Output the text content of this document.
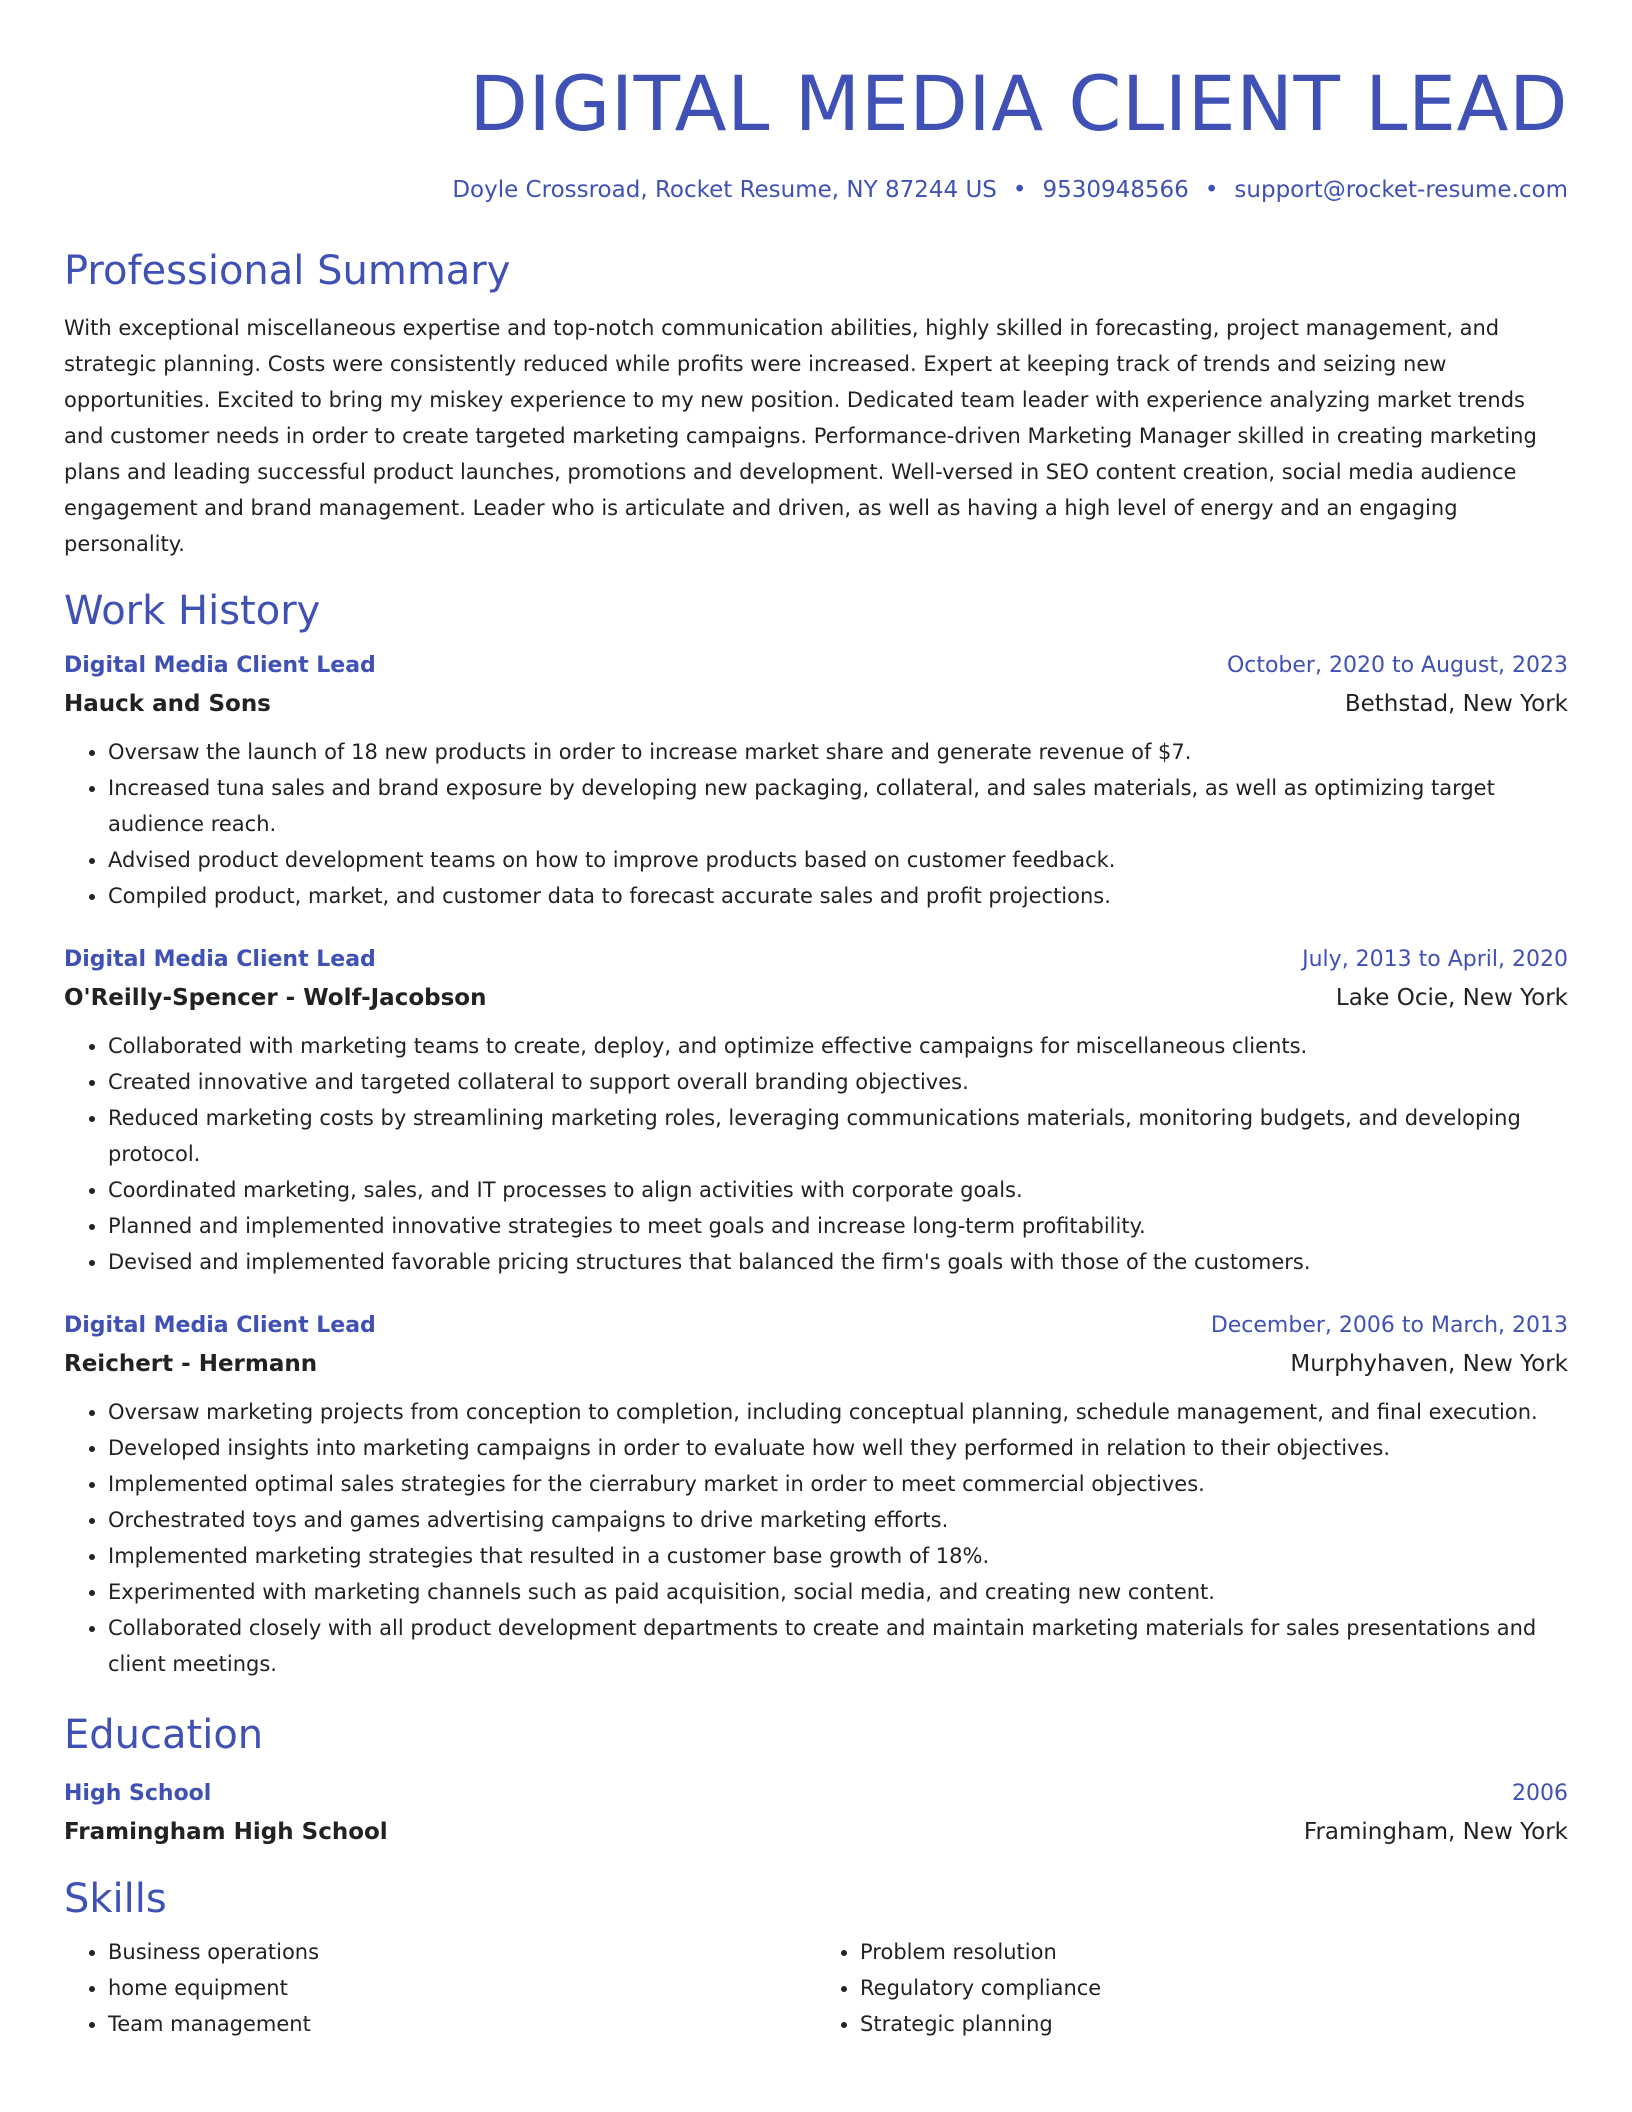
DIGITAL MEDIA CLIENT LEAD
Doyle Crossroad, Rocket Resume, NY 87244 US • 9530948566 • support@rocket-resume.com
Professional Summary
With exceptional miscellaneous expertise and top-notch communication abilities, highly skilled in forecasting, project management, and strategic planning. Costs were consistently reduced while profits were increased. Expert at keeping track of trends and seizing new opportunities. Excited to bring my miskey experience to my new position. Dedicated team leader with experience analyzing market trends and customer needs in order to create targeted marketing campaigns. Performance-driven Marketing Manager skilled in creating marketing plans and leading successful product launches, promotions and development. Well-versed in SEO content creation, social media audience engagement and brand management. Leader who is articulate and driven, as well as having a high level of energy and an engaging personality.
Work History
Digital Media Client Lead	October, 2020 to August, 2023
Hauck and Sons	Bethstad, New York
• Oversaw the launch of 18 new products in order to increase market share and generate revenue of $7.
• Increased tuna sales and brand exposure by developing new packaging, collateral, and sales materials, as well as optimizing target audience reach.
• Advised product development teams on how to improve products based on customer feedback.
• Compiled product, market, and customer data to forecast accurate sales and profit projections.
Digital Media Client Lead	July, 2013 to April, 2020
O'Reilly-Spencer - Wolf-Jacobson	Lake Ocie, New York
• Collaborated with marketing teams to create, deploy, and optimize effective campaigns for miscellaneous clients.
• Created innovative and targeted collateral to support overall branding objectives.
• Reduced marketing costs by streamlining marketing roles, leveraging communications materials, monitoring budgets, and developing protocol.
• Coordinated marketing, sales, and IT processes to align activities with corporate goals.
• Planned and implemented innovative strategies to meet goals and increase long-term profitability.
• Devised and implemented favorable pricing structures that balanced the firm's goals with those of the customers.
Digital Media Client Lead	December, 2006 to March, 2013
Reichert - Hermann	Murphyhaven, New York
• Oversaw marketing projects from conception to completion, including conceptual planning, schedule management, and final execution.
• Developed insights into marketing campaigns in order to evaluate how well they performed in relation to their objectives.
• Implemented optimal sales strategies for the cierrabury market in order to meet commercial objectives.
• Orchestrated toys and games advertising campaigns to drive marketing efforts.
• Implemented marketing strategies that resulted in a customer base growth of 18%.
• Experimented with marketing channels such as paid acquisition, social media, and creating new content.
• Collaborated closely with all product development departments to create and maintain marketing materials for sales presentations and client meetings.
Education
High School	2006
Framingham High School	Framingham, New York
Skills
• Business operations
• home equipment
• Team management
• Problem resolution
• Regulatory compliance
• Strategic planning
